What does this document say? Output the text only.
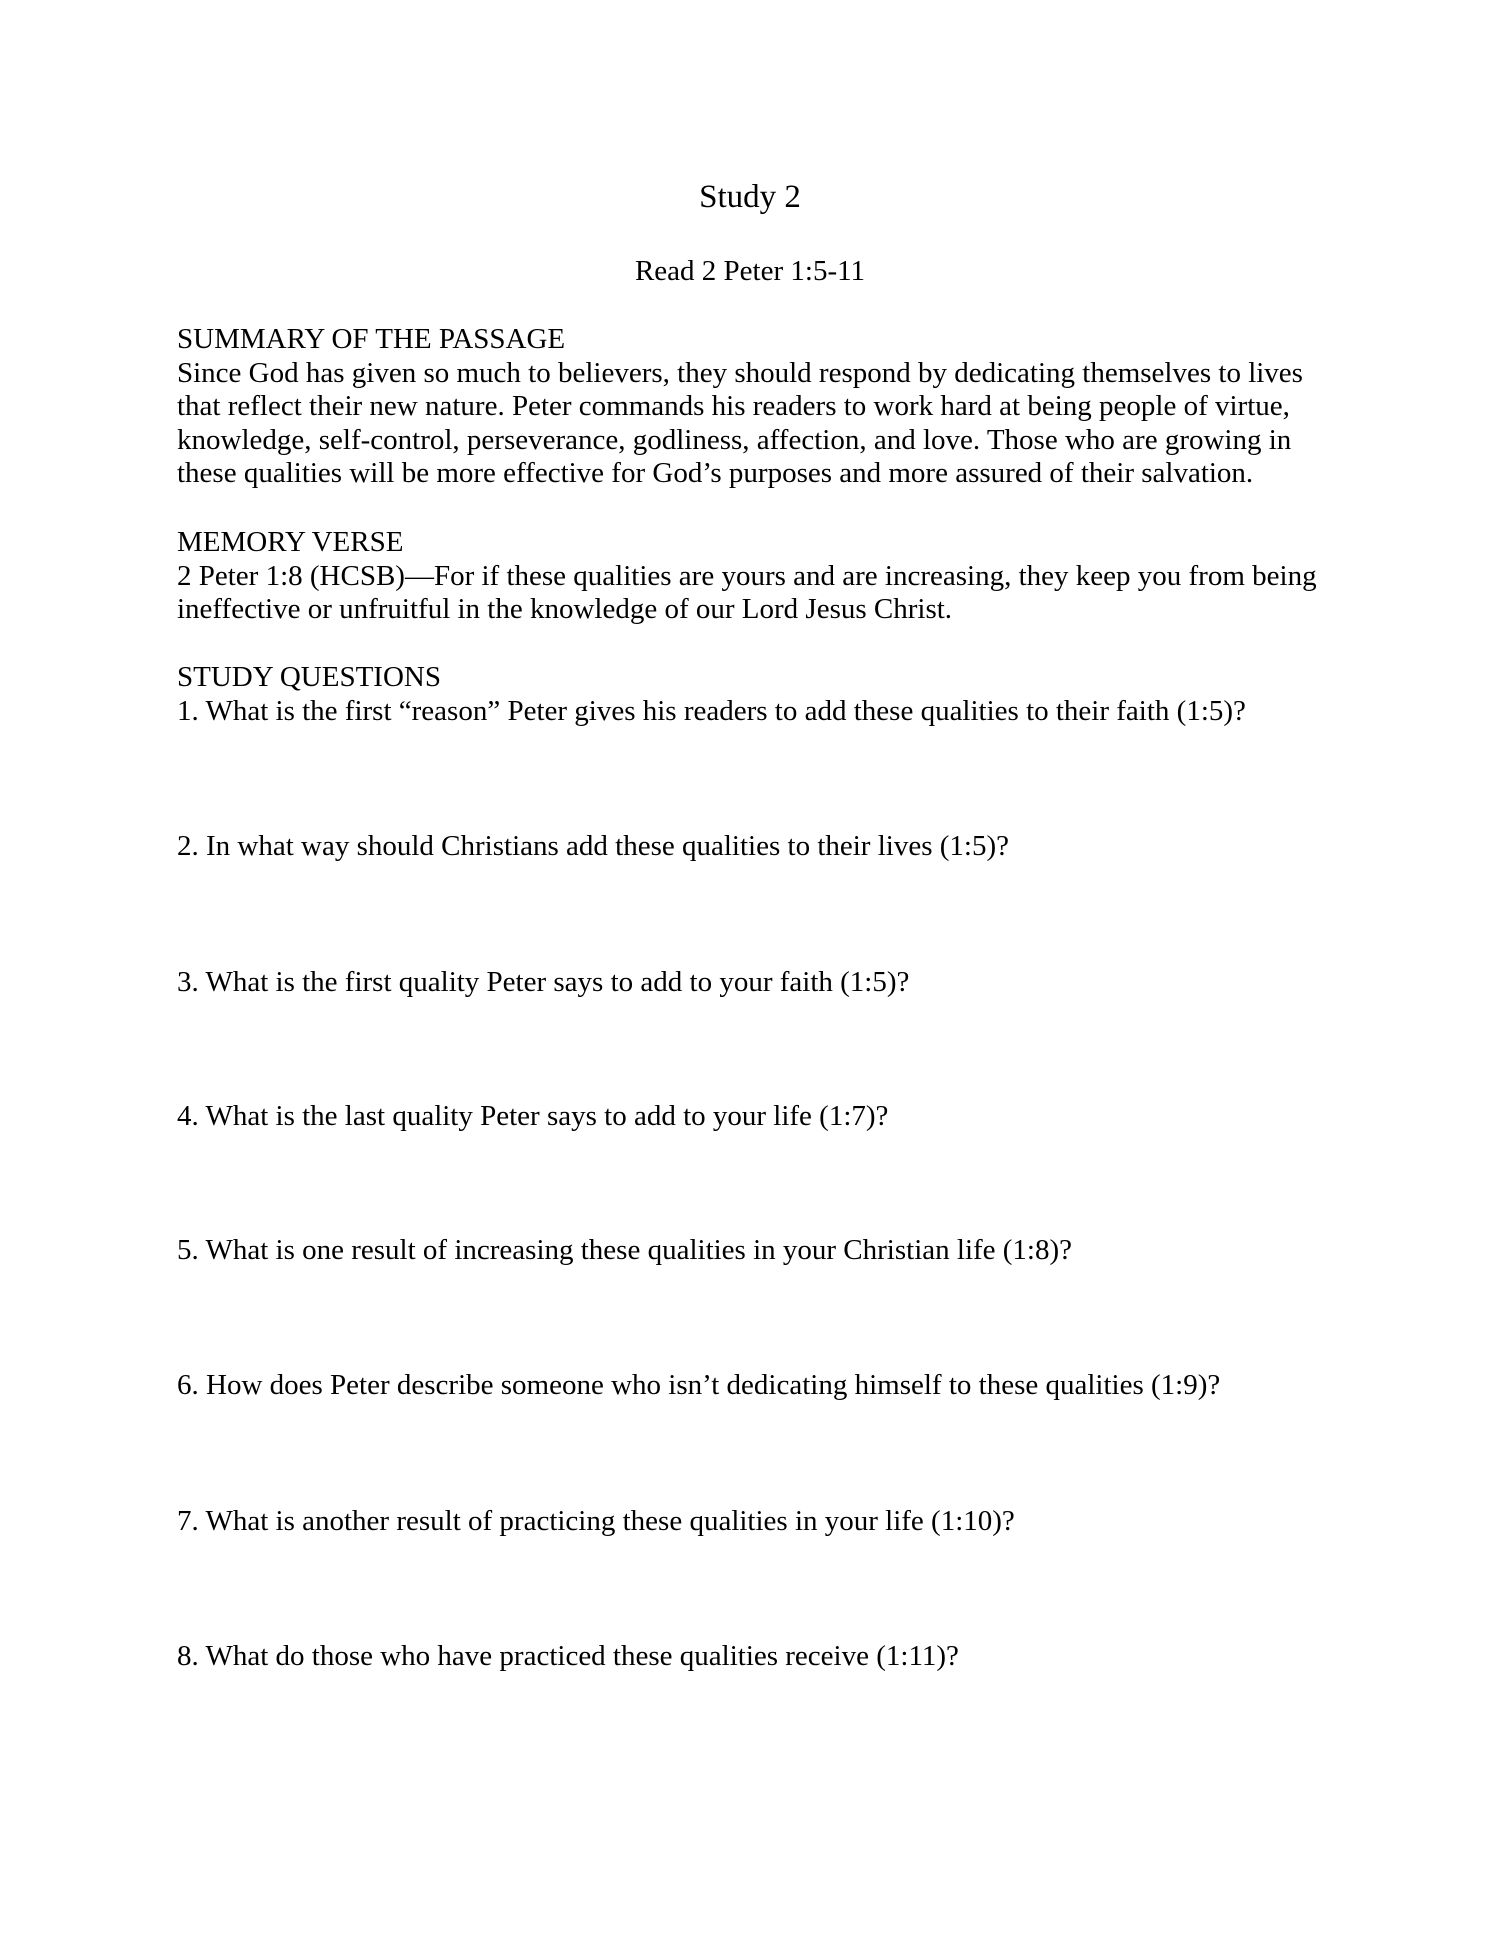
Study 2
Read 2 Peter 1:5-11

SUMMARY OF THE PASSAGE

Since God has given so much to believers, they should respond by dedicating themselves to lives that reflect their new nature. Peter commands his readers to work hard at being people of virtue, knowledge, self-control, perseverance, godliness, affection, and love. Those who are growing in these qualities will be more effective for God’s purposes and more assured of their salvation.

MEMORY VERSE

2 Peter 1:8 (HCSB)—For if these qualities are yours and are increasing, they keep you from being ineffective or unfruitful in the knowledge of our Lord Jesus Christ.

STUDY QUESTIONS
1. What is the first “reason” Peter gives his readers to add these qualities to their faith (1:5)?
2. In what way should Christians add these qualities to their lives (1:5)?
3. What is the first quality Peter says to add to your faith (1:5)?
4. What is the last quality Peter says to add to your life (1:7)?
5. What is one result of increasing these qualities in your Christian life (1:8)?
6. How does Peter describe someone who isn’t dedicating himself to these qualities (1:9)?
7. What is another result of practicing these qualities in your life (1:10)?
8. What do those who have practiced these qualities receive (1:11)?
